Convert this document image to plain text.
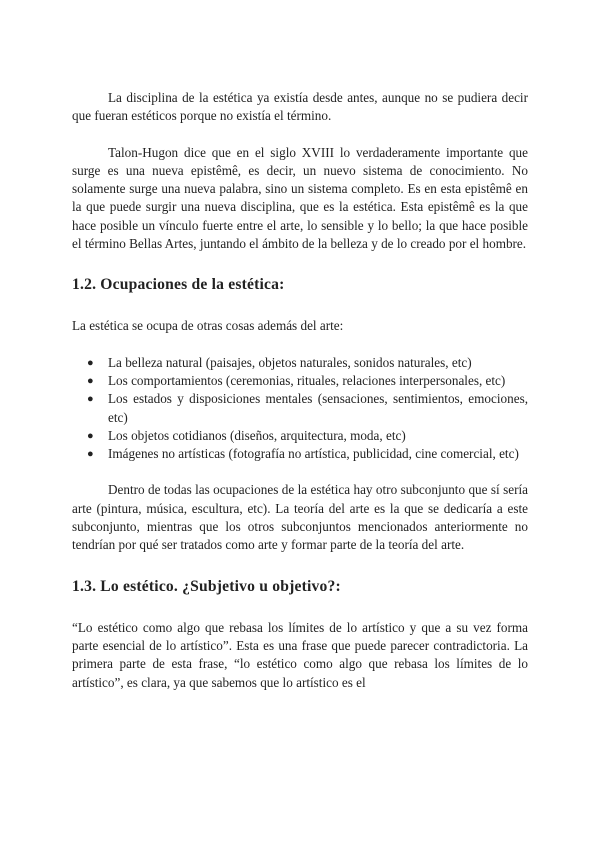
La disciplina de la estética ya existía desde antes, aunque no se pudiera decir que fueran estéticos porque no existía el término.

Talon-Hugon dice que en el siglo XVIII lo verdaderamente importante que surge es una nueva epistêmê, es decir, un nuevo sistema de conocimiento. No solamente surge una nueva palabra, sino un sistema completo. Es en esta epistêmê en la que puede surgir una nueva disciplina, que es la estética. Esta epistêmê es la que hace posible un vínculo fuerte entre el arte, lo sensible y lo bello; la que hace posible el término Bellas Artes, juntando el ámbito de la belleza y de lo creado por el hombre.

1.2. Ocupaciones de la estética:

La estética se ocupa de otras cosas además del arte:

● La belleza natural (paisajes, objetos naturales, sonidos naturales, etc)
● Los comportamientos (ceremonias, rituales, relaciones interpersonales, etc)
● Los estados y disposiciones mentales (sensaciones, sentimientos, emociones, etc)
● Los objetos cotidianos (diseños, arquitectura, moda, etc)
● Imágenes no artísticas (fotografía no artística, publicidad, cine comercial, etc)

Dentro de todas las ocupaciones de la estética hay otro subconjunto que sí sería arte (pintura, música, escultura, etc). La teoría del arte es la que se dedicaría a este subconjunto, mientras que los otros subconjuntos mencionados anteriormente no tendrían por qué ser tratados como arte y formar parte de la teoría del arte.

1.3. Lo estético. ¿Subjetivo u objetivo?:

“Lo estético como algo que rebasa los límites de lo artístico y que a su vez forma parte esencial de lo artístico”. Esta es una frase que puede parecer contradictoria. La primera parte de esta frase, “lo estético como algo que rebasa los límites de lo artístico”, es clara, ya que sabemos que lo artístico es el
